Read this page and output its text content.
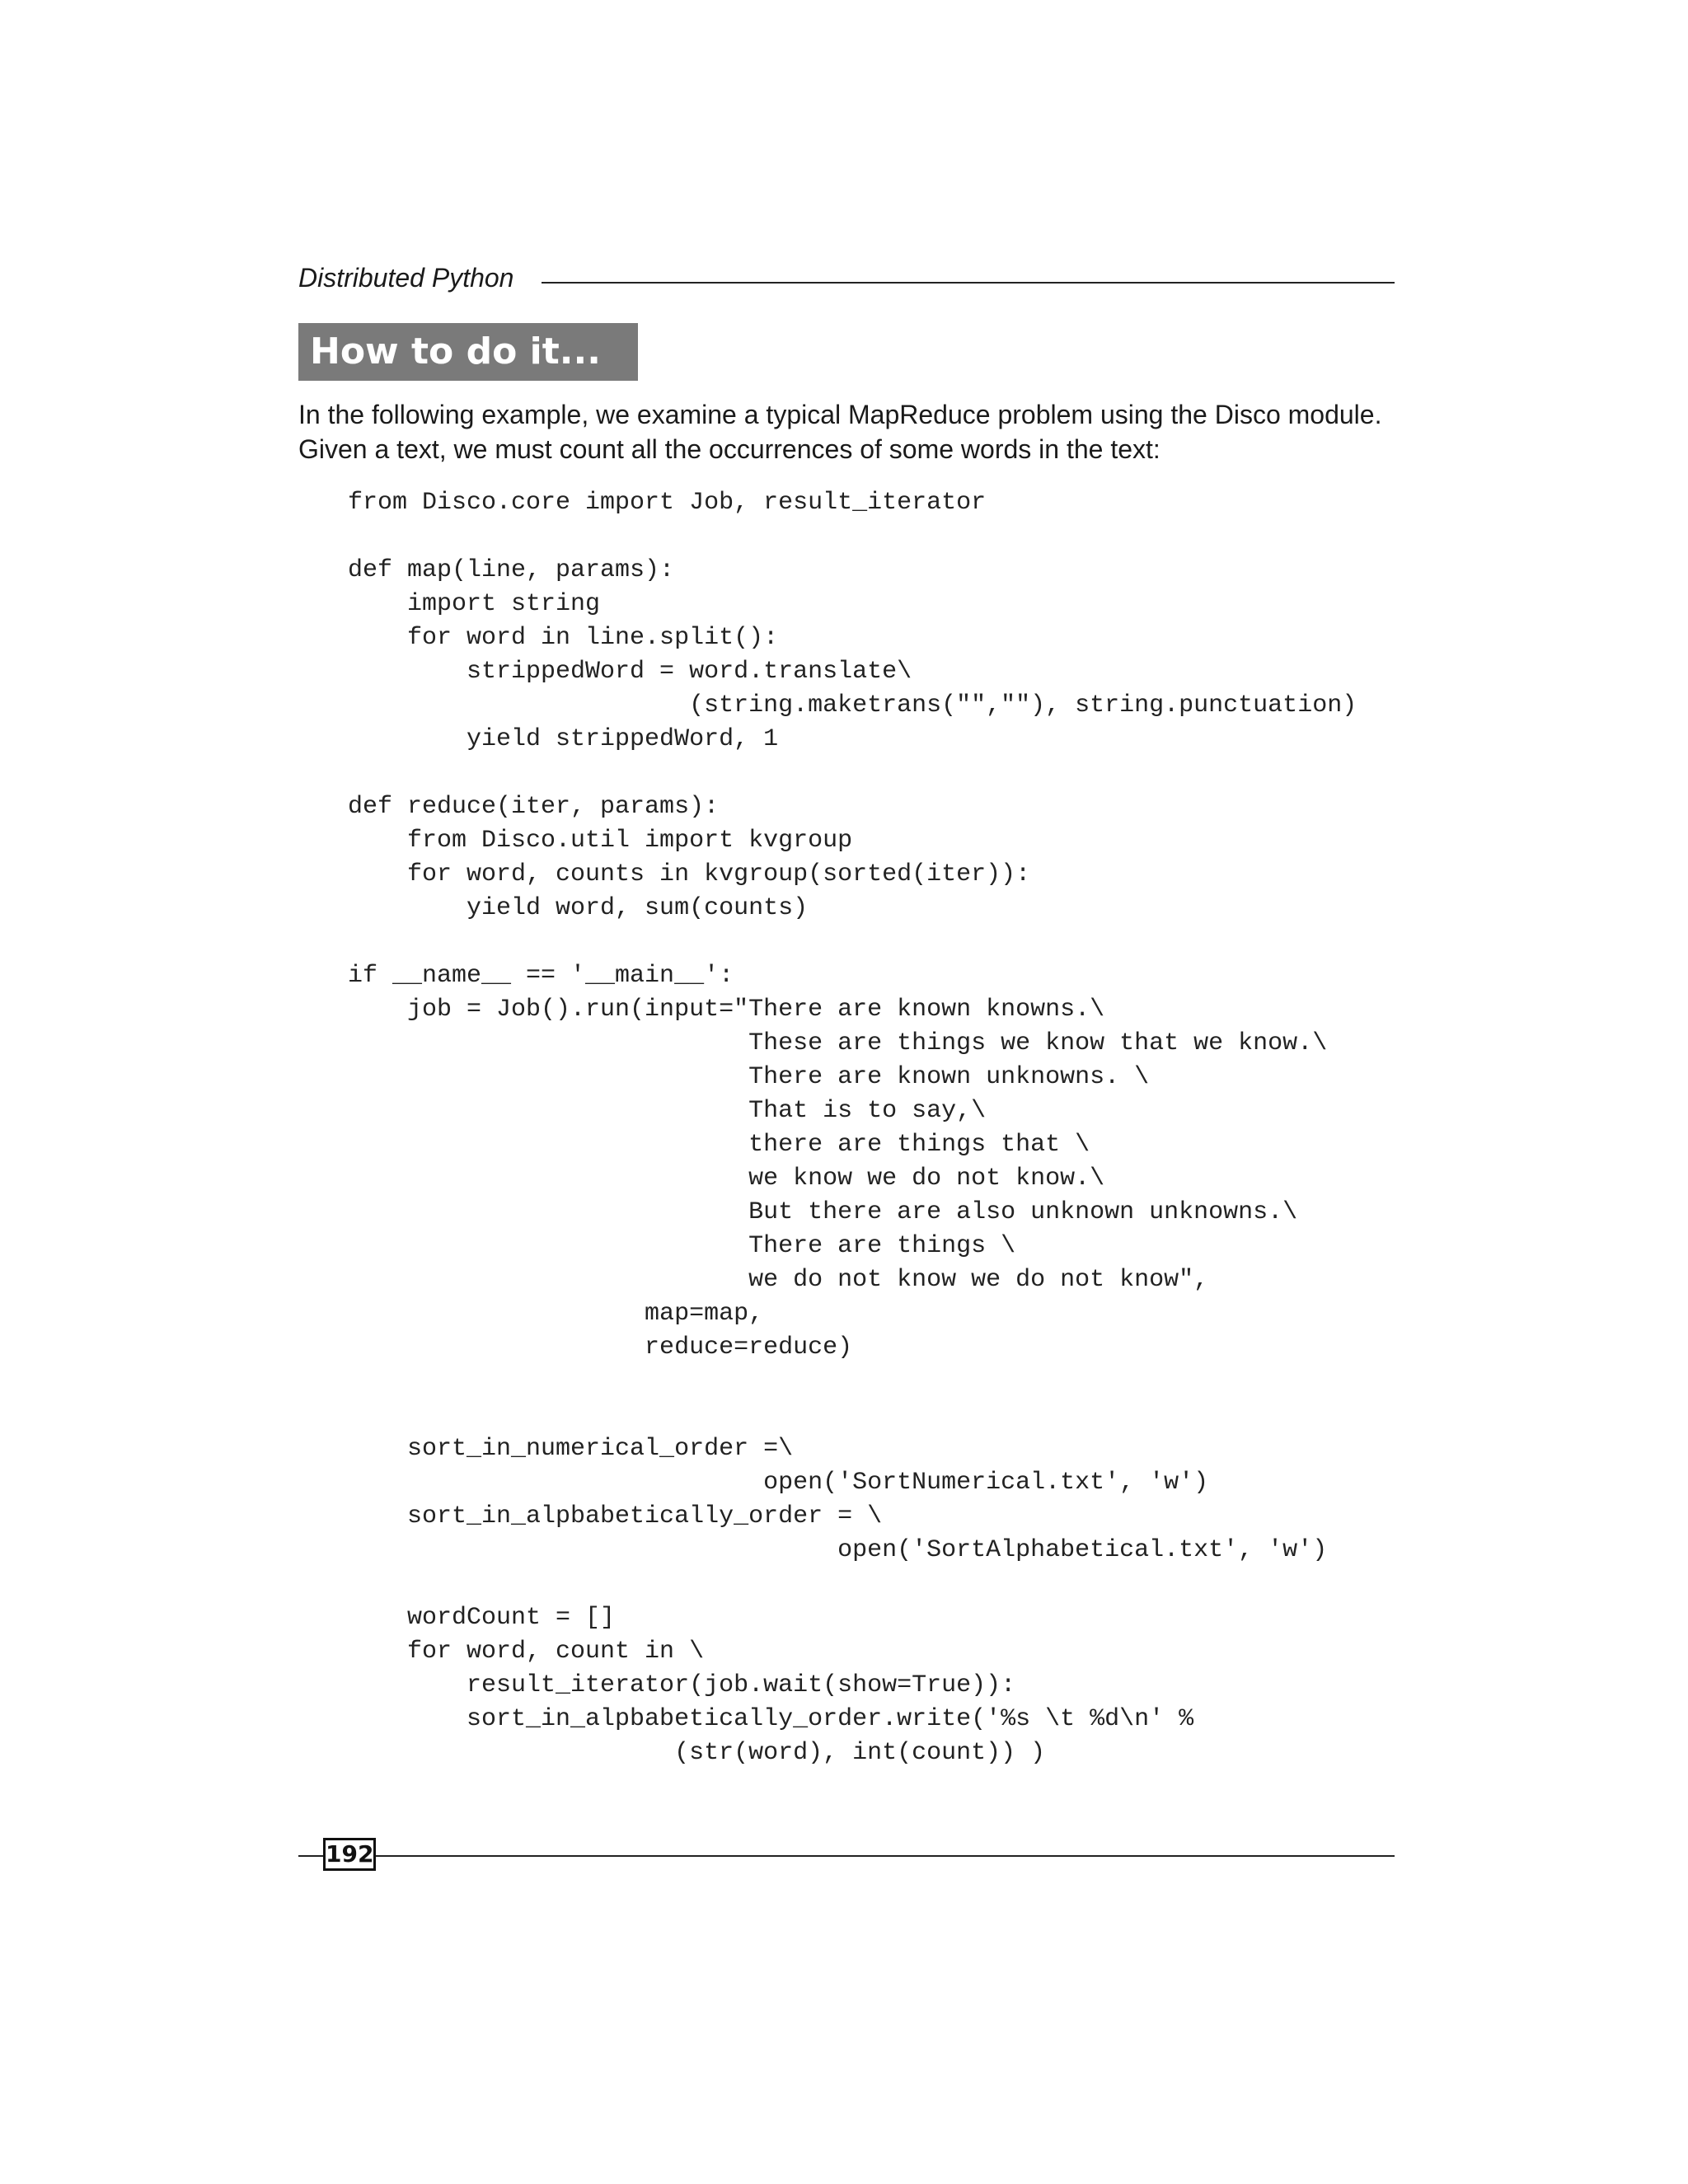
Distributed Python
How to do it...

In the following example, we examine a typical MapReduce problem using the Disco module.

Given a text, we must count all the occurrences of some words in the text:

from Disco.core import Job, result_iterator
def map(line, params):
import string
for word in line.split():
strippedWord = word.translate\
(string.maketrans("",""), string.punctuation)
yield strippedWord, 1
def reduce(iter, params):
from Disco.util import kvgroup
for word, counts in kvgroup(sorted(iter)):
yield word, sum(counts)
if __name__ == '__main__':
job = Job().run(input="There are known knowns.\
These are things we know that we know.\
There are known unknowns. \
That is to say,\
there are things that \
we know we do not know.\
But there are also unknown unknowns.\
There are things \
we do not know we do not know",
map=map,
reduce=reduce)
sort_in_numerical_order =\
open('SortNumerical.txt', 'w')
sort_in_alpbabetically_order = \
open('SortAlphabetical.txt', 'w')
wordCount = []
for word, count in \
result_iterator(job.wait(show=True)):
sort_in_alpbabetically_order.write('%s \t %d\n' %
(str(word), int(count)) )
192
